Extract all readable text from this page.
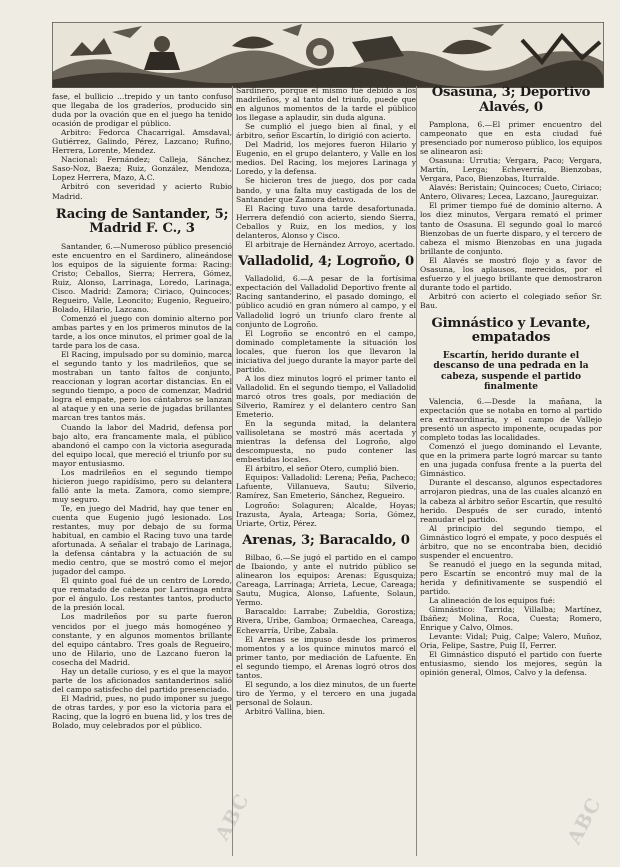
fase, el bullicio ...trepido y un tanto confuso que llegaba de los graderíos, producido sin duda por la ovación que en el juego ha tenido ocasión de prodigar el público.

Arbitro: Fedorca Chacarrigal. Amsdaval, Gutiérrez, Galindo, Pérez, Lazcano; Rufino, Herrera, Lorente, Mendez.

Nacional: Fernández; Calleja, Sánchez, Saso-Noz, Baeza; Ruiz, González, Mendoza, Lopez Herrera, Mazo, A.C.

Arbitró con severidad y acierto Rubio Madrid.

Racing de Santander, 5; Madrid F. C., 3

Santander, 6.—Numeroso público presenció este encuentro en el Sardinero, alineándose los equipos de la siguiente forma: Racing: Cristo; Ceballos, Sierra; Herrera, Gómez, Ruiz, Alonso, Larrinaga, Loredo, Larinaga, Cisco. Madrid: Zamora; Ciriaco, Quincoces; Regueiro, Valle, Leoncito; Eugenio, Regueiro, Bolado, Hilario, Lazcano.

Comenzó el juego con dominio alterno por ambas partes y en los primeros minutos de la tarde, a los once minutos, el primer goal de la tarde para los de casa.

El Racing, impulsado por su dominio, marca el segundo tanto y los madrileños, que se mostraban un tanto faltos de conjunto, reaccionan y logran acortar distancias. En el segundo tiempo, a poco de comenzar, Madrid logra el empate, pero los cántabros se lanzan al ataque y en una serie de jugadas brillantes marcan tres tantos más.

Cuando la labor del Madrid, defensa por bajo alto, era francamente mala, el público abandonó el campo con la victoria asegurada del equipo local, que mereció el triunfo por su mayor entusiasmo.

Los madrileños en el segundo tiempo hicieron juego rapidísimo, pero su delantera falló ante la meta. Zamora, como siempre, muy seguro.

Te, en juego del Madrid, hay que tener en cuenta que Eugenio jugó lesionado. Los restantes, muy por debajo de su forma habitual, en cambio el Racing tuvo una tarde afortunada. A señalar el trabajo de Larinaga, la defensa cántabra y la actuación de su medio centro, que se mostró como el mejor jugador del campo.

El quinto goal fué de un centro de Loredo, que rematado de cabeza por Larrinaga entra por el ángulo. Los restantes tantos, producto de la presión local.

Los madrileños por su parte fueron vencidos por el juego más homogéneo y constante, y en algunos momentos brillante del equipo cántabro. Tres goals de Regueiro, uno de Hilario, uno de Lazcano fueron la cosecha del Madrid.

Hay un detalle curioso, y es el que la mayor parte de los aficionados santanderinos salió del campo satisfecho del partido presenciado.

El Madrid, pues, no pudo imponer su juego de otras tardes, y por eso la victoria para el Racing, que la logró en buena lid, y los tres de Bolado, muy celebrados por el público.

Sardinero, porque el mismo fué debido a los madrileños, y al tanto del triunfo, puede que en algunos momentos de la tarde el público los llegase a aplaudir, sin duda alguna.

Se cumplió el juego bien al final, y el árbitro, señor Escartín, lo dirigió con acierto.

Del Madrid, los mejores fueron Hilario y Eugenio, en el grupo delantero, y Valle en los medios. Del Racing, los mejores Larinaga y Loredo, y la defensa.

Se hicieron tres de juego, dos por cada bando, y una falta muy castigada de los de Santander que Zamora detuvo.

El Racing tuvo una tarde desafortunada. Herrera defendió con acierto, siendo Sierra, Ceballos y Ruiz, en los medios, y los delanteros, Alonso y Cisco.

El arbitraje de Hernández Arroyo, acertado.

Valladolid, 4; Logroño, 0

Valladolid, 6.—A pesar de la fortísima expectación del Valladolid Deportivo frente al Racing santanderino, el pasado domingo, el público acudió en gran número al campo, y el Valladolid logró un triunfo claro frente al conjunto de Logroño.

El Logroño se encontró en el campo, dominado completamente la situación los locales, que fueron los que llevaron la iniciativa del juego durante la mayor parte del partido.

A los diez minutos logró el primer tanto el Valladolid. En el segundo tiempo, el Valladolid marcó otros tres goals, por mediación de Silverio, Ramírez y el delantero centro San Emeterio.

En la segunda mitad, la delantera vallisoletana se mostró más acertada y mientras la defensa del Logroño, algo descompuesta, no pudo contener las embestidas locales.

El árbitro, el señor Otero, cumplió bien.

Equipos: Valladolid: Lerena; Peña, Pacheco; Lafuente, Villanueva, Sautu; Silverio, Ramírez, San Emeterio, Sánchez, Regueiro.

Logroño: Solaguren; Alcalde, Hoyas; Irazusta, Ayala, Arteaga; Soria, Gómez, Uriarte, Ortiz, Pérez.

Arenas, 3; Baracaldo, 0

Bilbao, 6.—Se jugó el partido en el campo de Ibaiondo, y ante el nutrido público se alinearon los equipos: Arenas: Egusquiza; Careaga, Larrinaga; Arrieta, Lecue, Careaga; Sautu, Mugica, Alonso, Lafuente, Solaun, Yermo.

Baracaldo: Larrabe; Zubeldia, Gorostiza; Rivera, Uribe, Gamboa; Ormaechea, Careaga, Echevarría, Uribe, Zabala.

El Arenas se impuso desde los primeros momentos y a los quince minutos marcó el primer tanto, por mediación de Lafuente. En el segundo tiempo, el Arenas logró otros dos tantos.

El segundo, a los diez minutos, de un fuerte tiro de Yermo, y el tercero en una jugada personal de Solaun.

Arbitró Vallina, bien.

Osasuna, 3; Deportivo Alavés, 0

Pamplona, 6.—El primer encuentro del campeonato que en esta ciudad fué presenciado por numeroso público, los equipos se alinearon así:

Osasuna: Urrutia; Vergara, Paco; Vergara, Martín, Lerga; Echeverría, Bienzobas, Vergara, Paco, Bienzobas, Iturralde.

Alavés: Beristain; Quincoces; Cueto, Ciriaco; Antero, Olivares; Lecea, Lazcano, Jaureguizar.

El primer tiempo fué de dominio alterno. A los diez minutos, Vergara remató el primer tanto de Osasuna. El segundo goal lo marcó Bienzobas de un fuerte disparo, y el tercero de cabeza el mismo Bienzobas en una jugada brillante de conjunto.

El Alavés se mostró flojo y a favor de Osasuna, los aplausos, merecidos, por el esfuerzo y el juego brillante que demostraron durante todo el partido.

Arbitró con acierto el colegiado señor Sr. Bau.

Gimnástico y Levante, empatados
Escartín, herido durante el descanso de una pedrada en la cabeza, suspende el partido finalmente

Valencia, 6.—Desde la mañana, la expectación que se notaba en torno al partido era extraordinaria, y el campo de Vallejo presentó un aspecto imponente, ocupadas por completo todas las localidades.

Comenzó el juego dominando el Levante, que en la primera parte logró marcar su tanto en una jugada confusa frente a la puerta del Gimnástico.

Durante el descanso, algunos espectadores arrojaron piedras, una de las cuales alcanzó en la cabeza al árbitro señor Escartín, que resultó herido. Después de ser curado, intentó reanudar el partido.

Al principio del segundo tiempo, el Gimnástico logró el empate, y poco después el árbitro, que no se encontraba bien, decidió suspender el encuentro.

Se reanudó el juego en la segunda mitad, pero Escartín se encontró muy mal de la herida y definitivamente se suspendió el partido.

La alineación de los equipos fué:

Gimnástico: Tarrida; Villalba; Martínez, Ibáñez; Molina, Roca, Cuesta; Romero, Enrique y Calvo, Olmos.

Levante: Vidal; Puig, Calpe; Valero, Muñoz, Oria, Felipe, Sastre, Puig II, Ferrer.

El Gimnástico disputó el partido con fuerte entusiasmo, siendo los mejores, según la opinión general, Olmos, Calvo y la defensa.

ABC	ABC
